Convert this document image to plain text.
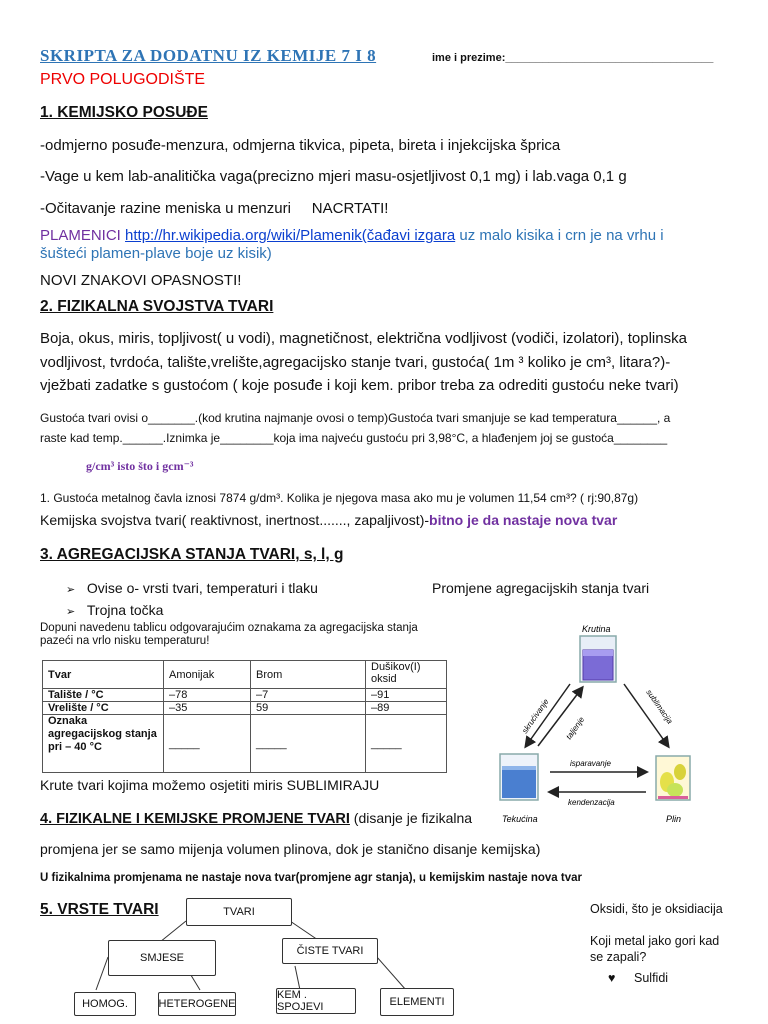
SKRIPTA ZA DODATNU IZ KEMIJE 7 I 8	ime i prezime:__________________________________
PRVO POLUGODIŠTE
1. KEMIJSKO POSUĐE
-odmjerno posuđe-menzura, odmjerna tikvica, pipeta, bireta i injekcijska šprica
-Vage u kem lab-analitička vaga(precizno mjeri masu-osjetljivost 0,1 mg) i lab.vaga 0,1 g
-Očitavanje razine meniska u menzuri     NACRTATI!
PLAMENICI http://hr.wikipedia.org/wiki/Plamenik(čađavi izgara uz malo kisika i crn je na vrhu i
šušteći plamen-plave boje uz kisik)
NOVI ZNAKOVI OPASNOSTI!
2. FIZIKALNA SVOJSTVA TVARI
Boja, okus, miris, topljivost( u vodi), magnetičnost, električna vodljivost (vodiči, izolatori), toplinska
vodljivost, tvrdoća, talište,vrelište,agregacijsko stanje tvari, gustoća( 1m ³ koliko je cm³, litara?)-
vježbati zadatke s gustoćom ( koje posuđe i koji kem. pribor treba za odrediti gustoću neke tvari)
Gustoća tvari ovisi o_______.(kod krutina najmanje ovosi o temp)Gustoća tvari smanjuje se kad temperatura______, a
raste kad temp.______.Iznimka je________koja ima najveću gustoću pri 3,98°C, a hlađenjem joj se gustoća________
g/cm³ isto što i gcm⁻³
1. Gustoća metalnog čavla iznosi 7874 g/dm³. Kolika je njegova masa ako mu je volumen 11,54 cm³? ( rj:90,87g)
Kemijska svojstva tvari( reaktivnost, inertnost......., zapaljivost)-bitno je da nastaje nova tvar
3. AGREGACIJSKA STANJA TVARI, s, l, g
➢ Ovise o- vrsti tvari, temperaturi i tlaku	Promjene agregacijskih stanja tvari
➢ Trojna točka
Dopuni navedenu tablicu odgovarajućim oznakama za agregacijska stanja
pazeći na vrlo nisku temperaturu!
Tvar	Amonijak	Brom	Dušikov(I) oksid
Talište / °C	–78	–7	–91
Vrelište / °C	–35	59	–89
Oznaka agregacijskog stanja pri – 40 °C	_____	_____	_____
Krute tvari kojima možemo osjetiti miris SUBLIMIRAJU
Krutina
Tekućina	Plin
skrućivanje taljenje
sublimacija
isparavanje
kendenzacija
4. FIZIKALNE I KEMIJSKE PROMJENE TVARI (disanje je fizikalna
promjena jer se samo mijenja volumen plinova, dok je stanično disanje kemijska)
U fizikalnima promjenama ne nastaje nova tvar(promjene agr stanja), u kemijskim nastaje nova tvar
5. VRSTE TVARI	TVARI
SMJESE
ČISTE TVARI
HOMOG.	HETEROGENE
KEM . SPOJEVI	ELEMENTI
Oksidi, što je oksidiacija
Koji metal jako gori kad
se zapali?
♥ Sulfidi
